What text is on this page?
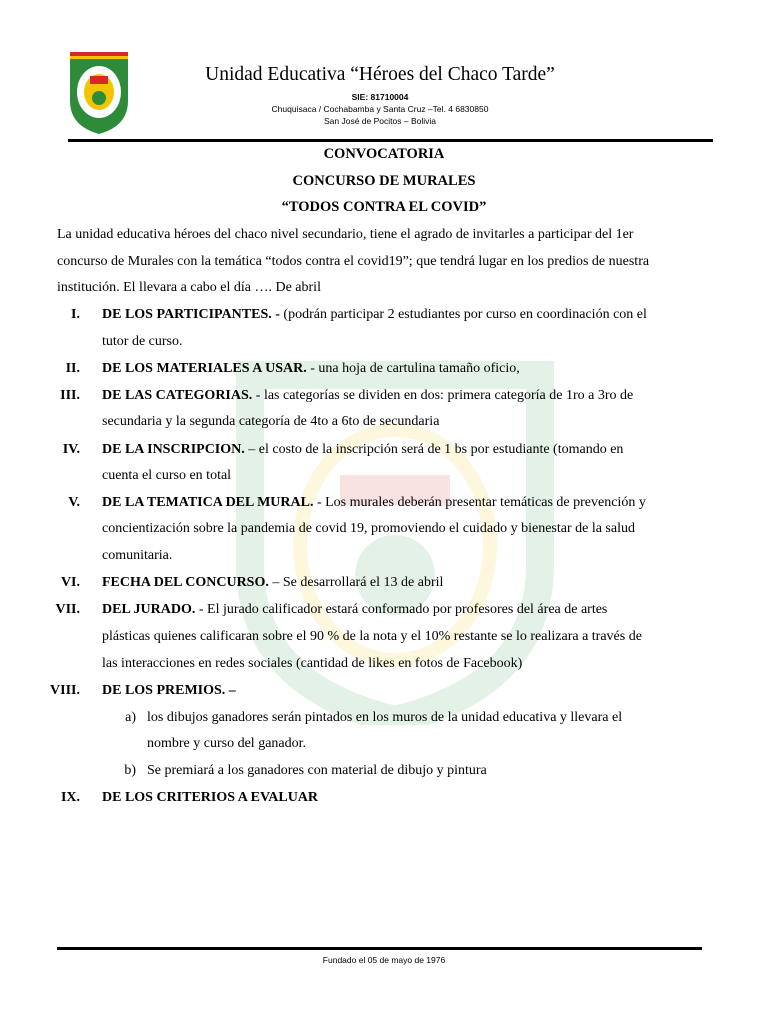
Unidad Educativa “Héroes del Chaco Tarde”
SIE: 81710004
Chuquisaca / Cochabamba y Santa Cruz –Tel. 4 6830850
San José de Pocitos – Bolivia
CONVOCATORIA
CONCURSO DE MURALES
“TODOS CONTRA EL COVID”
La unidad educativa héroes del chaco nivel secundario, tiene el agrado de invitarles a participar del 1er
concurso de Murales con la temática “todos contra el covid19”; que tendrá lugar en los predios de nuestra
institución. El llevara a cabo el día …. De abril
I. DE LOS PARTICIPANTES. - (podrán participar 2 estudiantes por curso en coordinación con el
tutor de curso.
II. DE LOS MATERIALES A USAR. - una hoja de cartulina tamaño oficio,
III. DE LAS CATEGORIAS. - las categorías se dividen en dos: primera categoría de 1ro a 3ro de
secundaria y la segunda categoría de 4to a 6to de secundaria
IV. DE LA INSCRIPCION. – el costo de la inscripción será de 1 bs por estudiante (tomando en
cuenta el curso en total
V. DE LA TEMATICA DEL MURAL. - Los murales deberán presentar temáticas de prevención y
concientización sobre la pandemia de covid 19, promoviendo el cuidado y bienestar de la salud
comunitaria.
VI. FECHA DEL CONCURSO. – Se desarrollará el 13 de abril
VII. DEL JURADO. - El jurado calificador estará conformado por profesores del área de artes
plásticas quienes calificaran sobre el 90 % de la nota y el 10% restante se lo realizara a través de
las interacciones en redes sociales (cantidad de likes en fotos de Facebook)
VIII. DE LOS PREMIOS. –
a) los dibujos ganadores serán pintados en los muros de la unidad educativa y llevara el
nombre y curso del ganador.
b) Se premiará a los ganadores con material de dibujo y pintura
IX. DE LOS CRITERIOS A EVALUAR
Fundado el 05 de mayo de 1976
